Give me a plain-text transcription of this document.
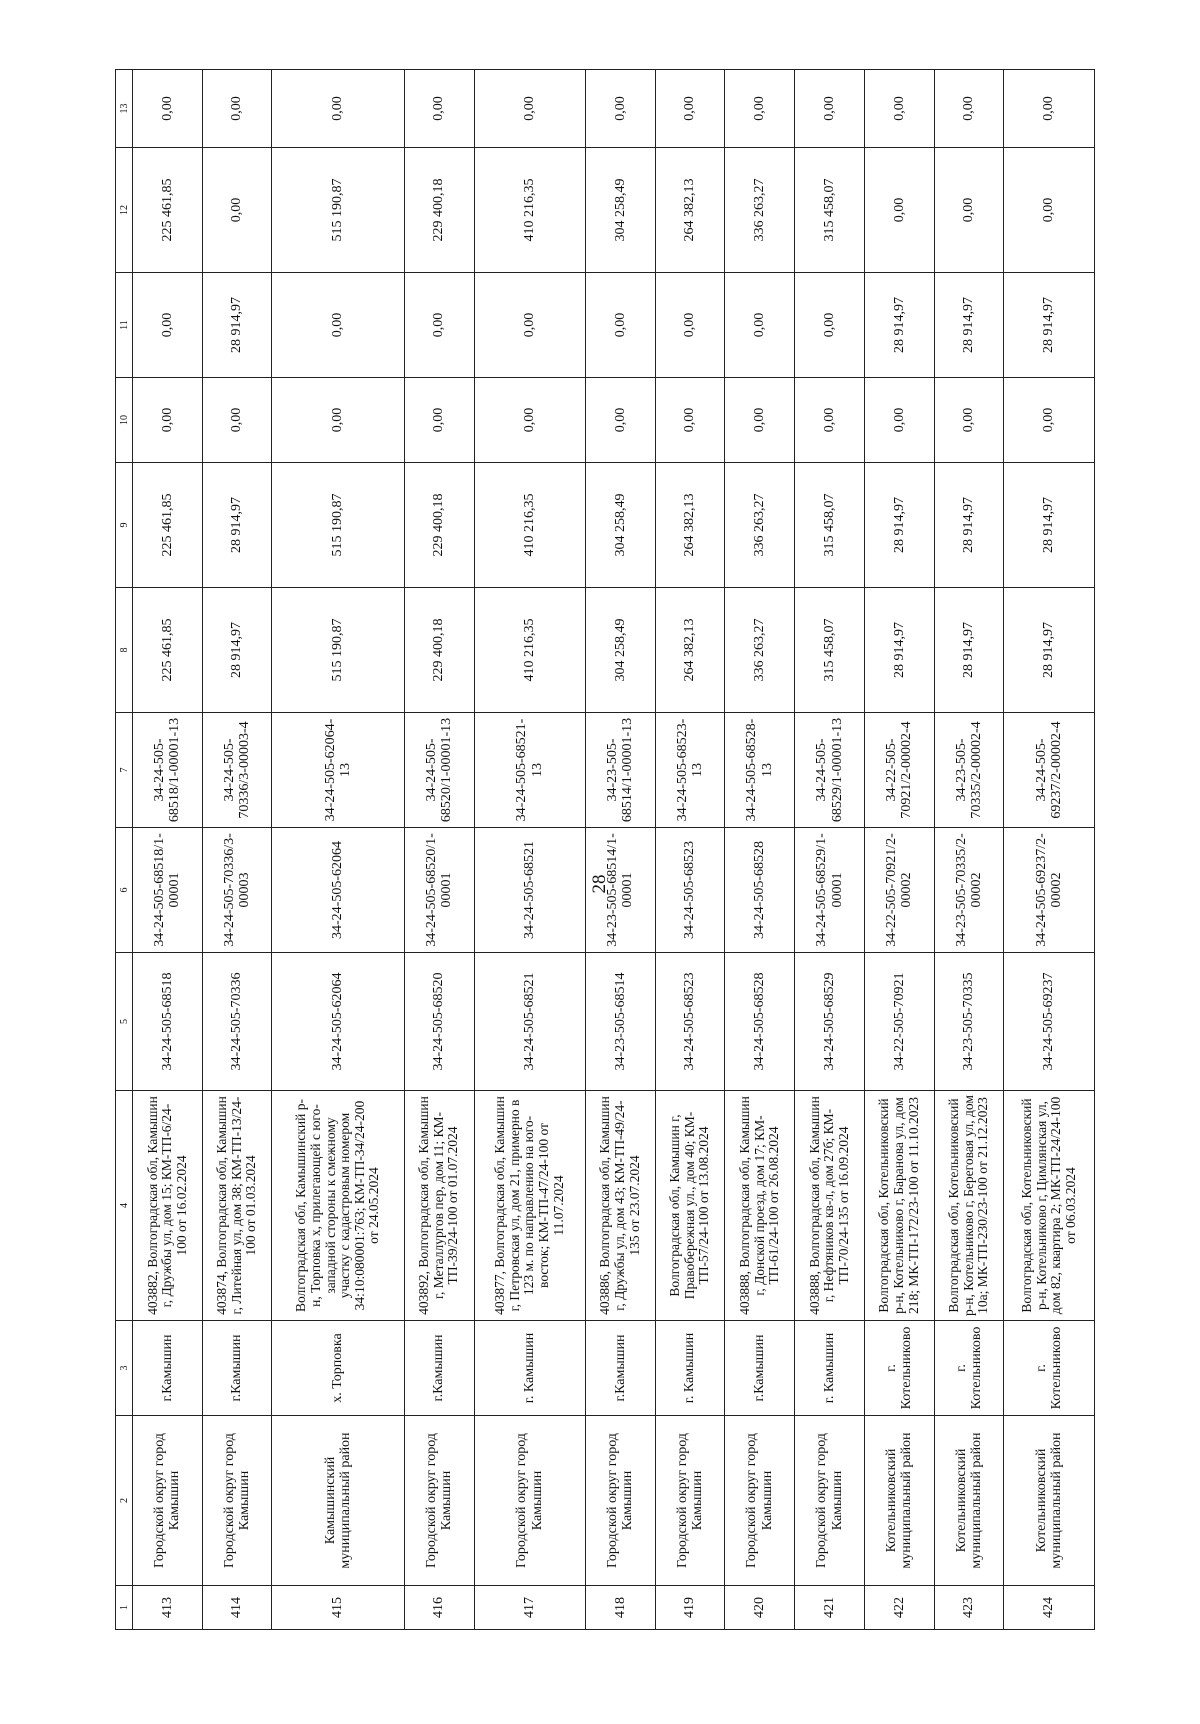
28
1	2	3	4	5	6	7	8	9	10	11	12	13
413	Городской округ город Камышин	г.Камышин	403882, Волгоградская обл, Камышин г, Дружбы ул, дом 15; КМ-ТП-6/24-100 от 16.02.2024	34-24-505-68518	34-24-505-68518/1-00001	34-24-505-68518/1-00001-13	225 461,85	225 461,85	0,00	0,00	225 461,85	0,00
414	Городской округ город Камышин	г.Камышин	403874, Волгоградская обл, Камышин г, Литейная ул, дом 38; КМ-ТП-13/24-100 от 01.03.2024	34-24-505-70336	34-24-505-70336/3-00003	34-24-505-70336/3-00003-4	28 914,97	28 914,97	0,00	28 914,97	0,00	0,00
415	Камышинский муниципальный район	х. Торповка	Волгоградская обл, Камышинский р-н, Торповка х, прилегающей с юго-западной стороны к смежному участку с кадастровым номером 34:10:080001:763; КМ-ТП-34/24-200 от 24.05.2024	34-24-505-62064	34-24-505-62064	34-24-505-62064-13	515 190,87	515 190,87	0,00	0,00	515 190,87	0,00
416	Городской округ город Камышин	г.Камышин	403892, Волгоградская обл, Камышин г, Металлургов пер, дом 11; КМ-ТП-39/24-100 от 01.07.2024	34-24-505-68520	34-24-505-68520/1-00001	34-24-505-68520/1-00001-13	229 400,18	229 400,18	0,00	0,00	229 400,18	0,00
417	Городской округ город Камышин	г. Камышин	403877, Волгоградская обл, Камышин г, Петровская ул, дом 21, примерно в 123 м. по направлению на юго-восток; КМ-ТП-47/24-100 от 11.07.2024	34-24-505-68521	34-24-505-68521	34-24-505-68521-13	410 216,35	410 216,35	0,00	0,00	410 216,35	0,00
418	Городской округ город Камышин	г.Камышин	403886, Волгоградская обл, Камышин г, Дружбы ул, дом 43; КМ-ТП-49/24-135 от 23.07.2024	34-23-505-68514	34-23-505-68514/1-00001	34-23-505-68514/1-00001-13	304 258,49	304 258,49	0,00	0,00	304 258,49	0,00
419	Городской округ город Камышин	г. Камышин	Волгоградская обл, Камышин г, Правобережная ул., дом 40; КМ-ТП-57/24-100 от 13.08.2024	34-24-505-68523	34-24-505-68523	34-24-505-68523-13	264 382,13	264 382,13	0,00	0,00	264 382,13	0,00
420	Городской округ город Камышин	г.Камышин	403888, Волгоградская обл, Камышин г, Донской проезд, дом 17; КМ-ТП-61/24-100 от 26.08.2024	34-24-505-68528	34-24-505-68528	34-24-505-68528-13	336 263,27	336 263,27	0,00	0,00	336 263,27	0,00
421	Городской округ город Камышин	г. Камышин	403888, Волгоградская обл, Камышин г, Нефтяников кв-л, дом 27б; КМ-ТП-70/24-135 от 16.09.2024	34-24-505-68529	34-24-505-68529/1-00001	34-24-505-68529/1-00001-13	315 458,07	315 458,07	0,00	0,00	315 458,07	0,00
422	Котельниковский муниципальный район	г. Котельниково	Волгоградская обл, Котельниковский р-н, Котельниково г, Баранова ул, дом 218; МК-ТП-172/23-100 от 11.10.2023	34-22-505-70921	34-22-505-70921/2-00002	34-22-505-70921/2-00002-4	28 914,97	28 914,97	0,00	28 914,97	0,00	0,00
423	Котельниковский муниципальный район	г. Котельниково	Волгоградская обл, Котельниковский р-н, Котельниково г, Береговая ул, дом 10а; МК-ТП-230/23-100 от 21.12.2023	34-23-505-70335	34-23-505-70335/2-00002	34-23-505-70335/2-00002-4	28 914,97	28 914,97	0,00	28 914,97	0,00	0,00
424	Котельниковский муниципальный район	г. Котельниково	Волгоградская обл, Котельниковский р-н, Котельниково г, Цимлянская ул, дом 82, квартира 2; МК-ТП-24/24-100 от 06.03.2024	34-24-505-69237	34-24-505-69237/2-00002	34-24-505-69237/2-00002-4	28 914,97	28 914,97	0,00	28 914,97	0,00	0,00
